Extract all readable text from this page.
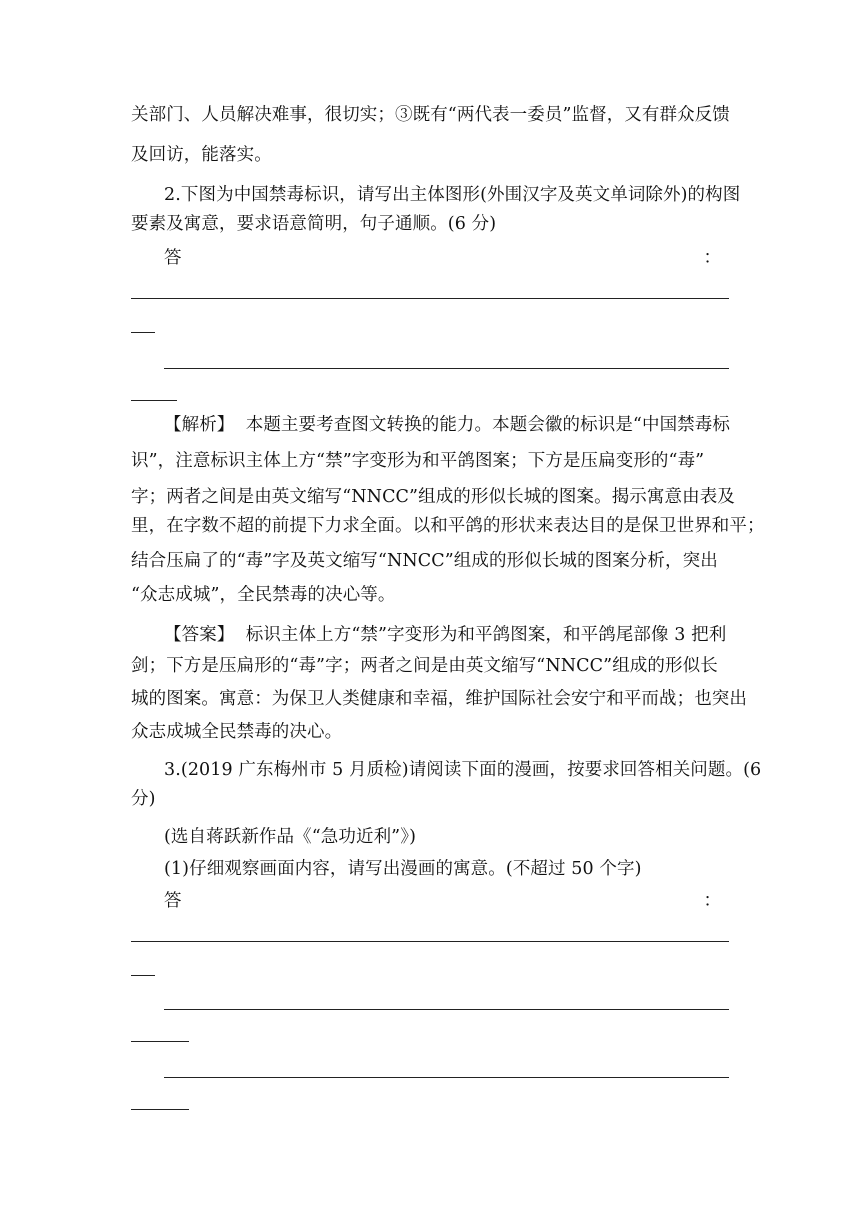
关部门、人员解决难事，很切实；③既有“两代表一委员”监督，又有群众反馈
及回访，能落实。
2.下图为中国禁毒标识，请写出主体图形(外围汉字及英文单词除外)的构图
要素及寓意，要求语意简明，句子通顺。(6 分)
答	：
【解析】 本题主要考查图文转换的能力。本题会徽的标识是“中国禁毒标
识”，注意标识主体上方“禁”字变形为和平鸽图案；下方是压扁变形的“毒”
字；两者之间是由英文缩写“NNCC”组成的形似长城的图案。揭示寓意由表及
里，在字数不超的前提下力求全面。以和平鸽的形状来表达目的是保卫世界和平；
结合压扁了的“毒”字及英文缩写“NNCC”组成的形似长城的图案分析，突出
“众志成城”，全民禁毒的决心等。
【答案】 标识主体上方“禁”字变形为和平鸽图案，和平鸽尾部像 3 把利
剑；下方是压扁形的“毒”字；两者之间是由英文缩写“NNCC”组成的形似长
城的图案。寓意：为保卫人类健康和幸福，维护国际社会安宁和平而战；也突出
众志成城全民禁毒的决心。
3.(2019 广东梅州市 5 月质检)请阅读下面的漫画，按要求回答相关问题。(6
分)
(选自蒋跃新作品《“急功近利”》)
(1)仔细观察画面内容，请写出漫画的寓意。(不超过 50 个字)
答	：
